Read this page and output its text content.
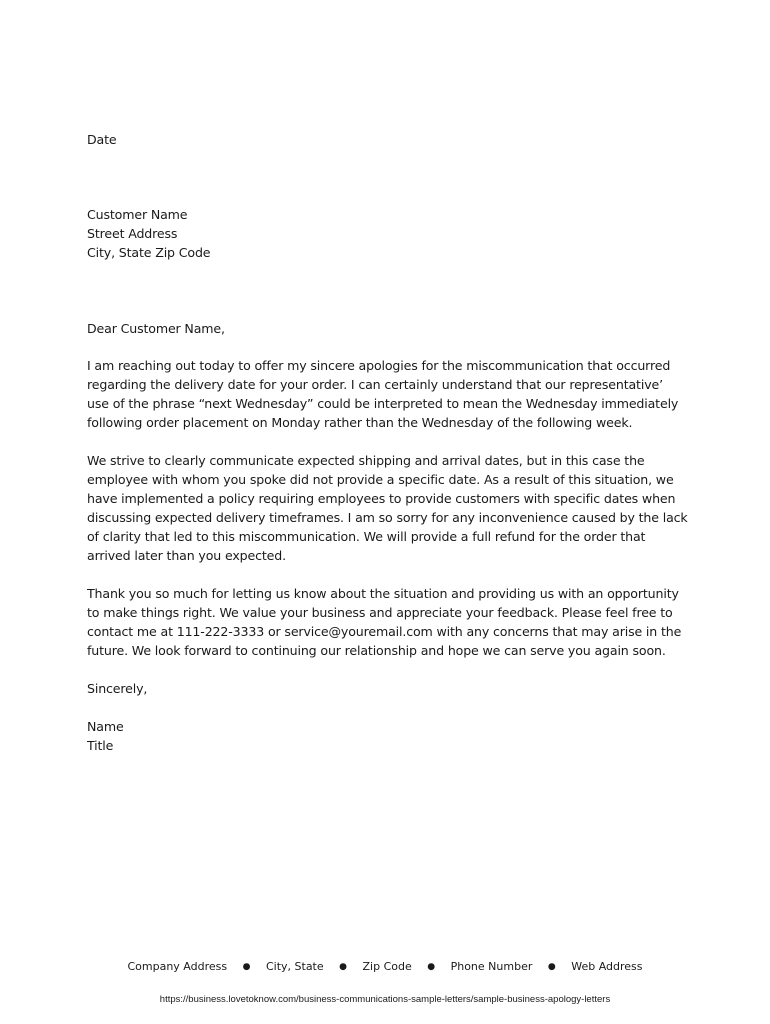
Date
Customer Name
Street Address
City, State Zip Code
Dear Customer Name,
I am reaching out today to offer my sincere apologies for the miscommunication that occurred
regarding the delivery date for your order. I can certainly understand that our representative’
use of the phrase “next Wednesday” could be interpreted to mean the Wednesday immediately
following order placement on Monday rather than the Wednesday of the following week.
We strive to clearly communicate expected shipping and arrival dates, but in this case the
employee with whom you spoke did not provide a specific date. As a result of this situation, we
have implemented a policy requiring employees to provide customers with specific dates when
discussing expected delivery timeframes. I am so sorry for any inconvenience caused by the lack
of clarity that led to this miscommunication. We will provide a full refund for the order that
arrived later than you expected.
Thank you so much for letting us know about the situation and providing us with an opportunity
to make things right. We value your business and appreciate your feedback. Please feel free to
contact me at 111-222-3333 or service@youremail.com with any concerns that may arise in the
future. We look forward to continuing our relationship and hope we can serve you again soon.
Sincerely,
Name
Title
Company Address ● City, State ● Zip Code ● Phone Number ● Web Address
https://business.lovetoknow.com/business-communications-sample-letters/sample-business-apology-letters
